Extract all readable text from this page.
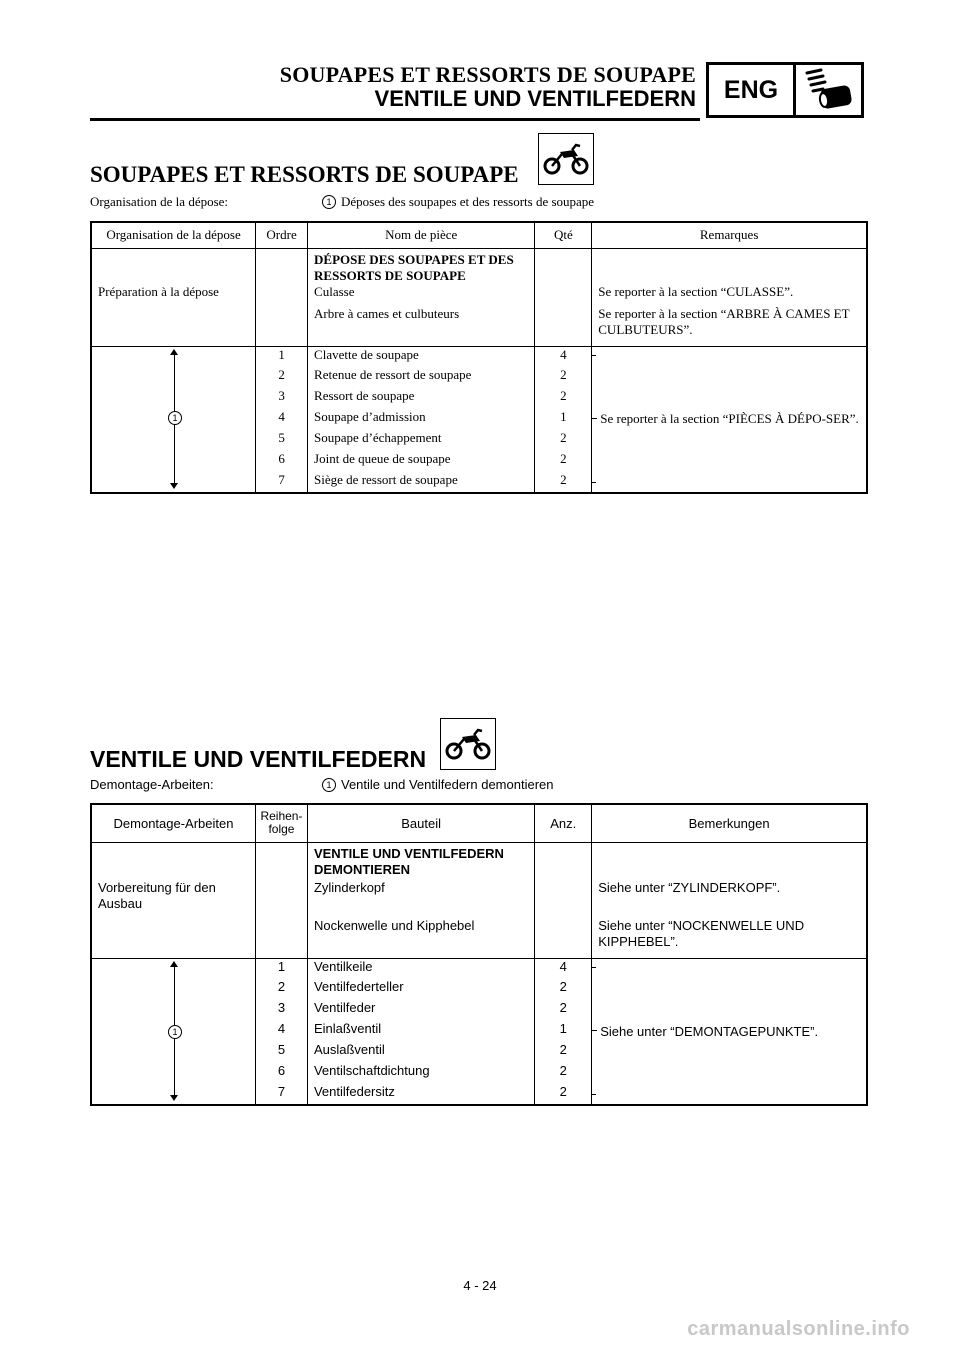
SOUPAPES ET RESSORTS DE SOUPAPE
VENTILE UND VENTILFEDERN	ENG
SOUPAPES ET RESSORTS DE SOUPAPE
Organisation de la dépose:	1 Déposes des soupapes et des ressorts de soupape
Organisation de la dépose	Ordre	Nom de pièce	Qté	Remarques
		DÉPOSE DES SOUPAPES ET DES RESSORTS DE SOUPAPE		
Préparation à la dépose		Culasse		Se reporter à la section “CULASSE”.
		Arbre à cames et culbuteurs		Se reporter à la section “ARBRE À CAMES ET CULBUTEURS”.

1	1	Clavette de soupape	4	Se reporter à la section “PIÈCES À DÉPO-SER”.
	2	Retenue de ressort de soupape	2	
	3	Ressort de soupape	2	
	4	Soupape d’admission	1	
	5	Soupape d’échappement	2	
	6	Joint de queue de soupape	2	
	7	Siège de ressort de soupape	2	
VENTILE UND VENTILFEDERN
Demontage-Arbeiten:	1 Ventile und Ventilfedern demontieren
Demontage-Arbeiten	Reihen-folge	Bauteil	Anz.	Bemerkungen
		VENTILE UND VENTILFEDERN DEMONTIEREN		
Vorbereitung für den Ausbau		Zylinderkopf		Siehe unter “ZYLINDERKOPF”.
		Nockenwelle und Kipphebel		Siehe unter “NOCKENWELLE UND KIPPHEBEL”.

1	1	Ventilkeile	4	Siehe unter “DEMONTAGEPUNKTE”.
	2	Ventilfederteller	2	
	3	Ventilfeder	2	
	4	Einlaßventil	1	
	5	Auslaßventil	2	
	6	Ventilschaftdichtung	2	
	7	Ventilfedersitz	2	
4 - 24
carmanualsonline.info
